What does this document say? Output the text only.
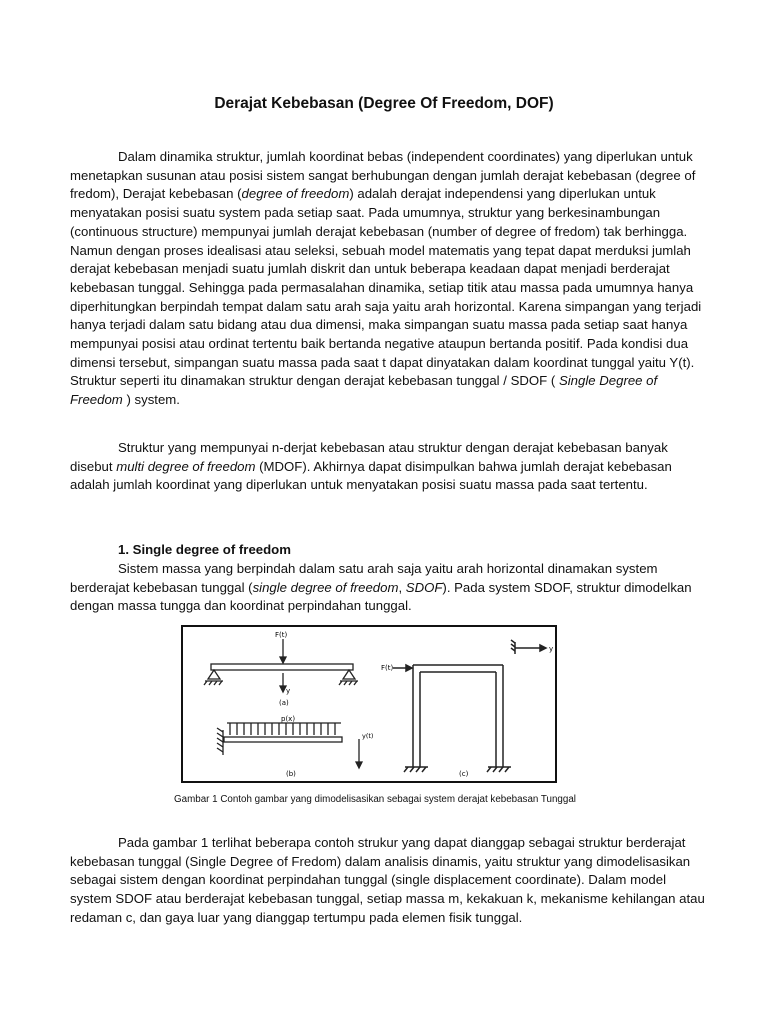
Derajat Kebebasan (Degree Of Freedom, DOF)

Dalam dinamika struktur, jumlah koordinat bebas (independent coordinates) yang diperlukan untuk menetapkan susunan atau posisi sistem sangat berhubungan dengan jumlah derajat kebebasan (degree of fredom), Derajat kebebasan (degree of freedom) adalah derajat independensi yang diperlukan untuk menyatakan posisi suatu system pada setiap saat. Pada umumnya, struktur yang berkesinambungan (continuous structure) mempunyai jumlah derajat kebebasan (number of degree of fredom) tak berhingga. Namun dengan proses idealisasi atau seleksi, sebuah model matematis yang tepat dapat merduksi jumlah derajat kebebasan menjadi suatu jumlah diskrit dan untuk beberapa keadaan dapat menjadi berderajat kebebasan tunggal. Sehingga pada permasalahan dinamika, setiap titik atau massa pada umumnya hanya diperhitungkan berpindah tempat dalam satu arah saja yaitu arah horizontal. Karena simpangan yang terjadi hanya terjadi dalam satu bidang atau dua dimensi, maka simpangan suatu massa pada setiap saat hanya mempunyai posisi atau ordinat tertentu baik bertanda negative ataupun bertanda positif. Pada kondisi dua dimensi tersebut, simpangan suatu massa pada saat t dapat dinyatakan dalam koordinat tunggal yaitu Y(t). Struktur seperti itu dinamakan struktur dengan derajat kebebasan tunggal / SDOF ( Single Degree of Freedom ) system.

Struktur yang mempunyai n-derjat kebebasan atau struktur dengan derajat kebebasan banyak disebut multi degree of freedom (MDOF). Akhirnya dapat disimpulkan bahwa jumlah derajat kebebasan adalah jumlah koordinat yang diperlukan untuk menyatakan posisi suatu massa pada saat tertentu.

1. Single degree of freedom

Sistem massa yang berpindah dalam satu arah saja yaitu arah horizontal dinamakan system berderajat kebebasan tunggal (single degree of freedom, SDOF). Pada system SDOF, struktur dimodelkan dengan massa tungga dan koordinat perpindahan tunggal.

F(t)
y
(a)
p(x)
y(t)
(b)
F(t)
y
(c)
Gambar 1 Contoh gambar yang dimodelisasikan sebagai system derajat kebebasan Tunggal

Pada gambar 1 terlihat beberapa contoh strukur yang dapat dianggap sebagai struktur berderajat kebebasan tunggal (Single Degree of Fredom) dalam analisis dinamis, yaitu struktur yang dimodelisasikan sebagai sistem dengan koordinat perpindahan tunggal (single displacement coordinate). Dalam model system SDOF atau berderajat kebebasan tunggal, setiap massa m, kekakuan k, mekanisme kehilangan atau redaman c, dan gaya luar yang dianggap tertumpu pada elemen fisik tunggal.
